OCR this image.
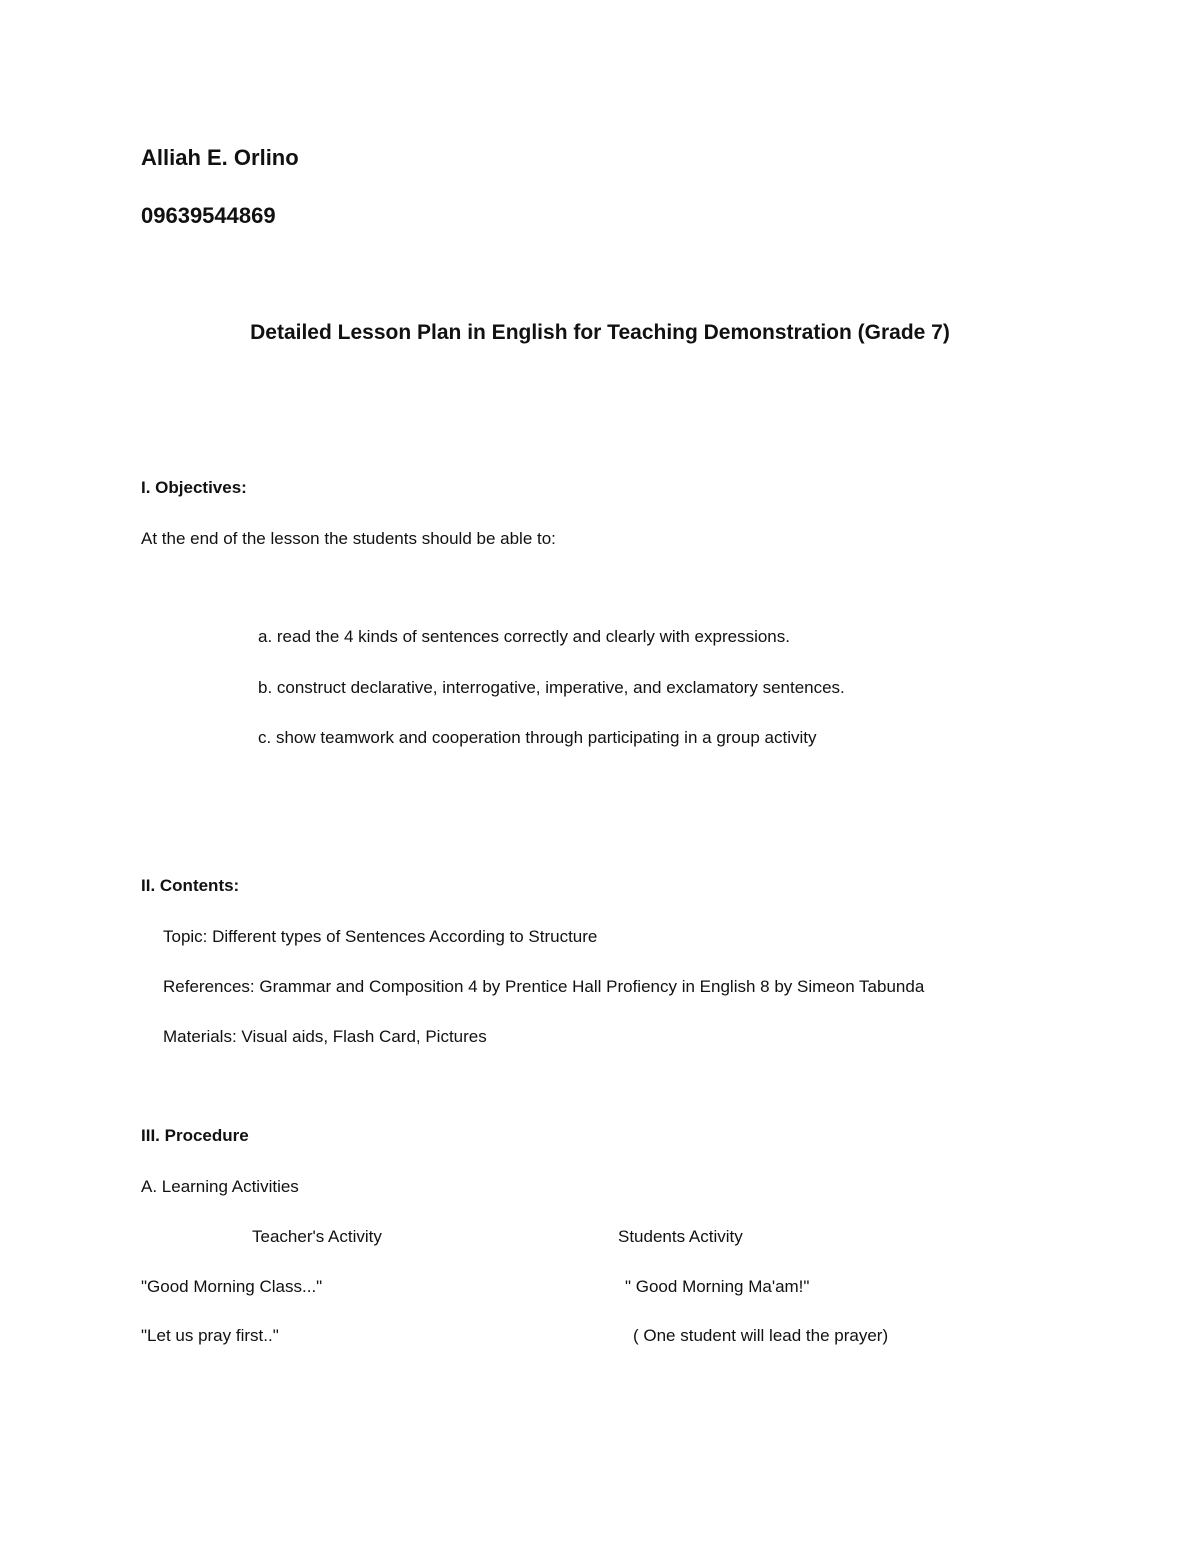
Alliah E. Orlino
09639544869
Detailed Lesson Plan in English for Teaching Demonstration (Grade 7)
I. Objectives:
At the end of the lesson the students should be able to:
a. read the 4 kinds of sentences correctly and clearly with expressions.
b. construct declarative, interrogative, imperative, and exclamatory sentences.
c. show teamwork and cooperation through participating in a group activity
II. Contents:
Topic: Different types of Sentences According to Structure
References: Grammar and Composition 4 by Prentice Hall Profiency in English 8 by Simeon Tabunda
Materials: Visual aids, Flash Card, Pictures
III. Procedure
A. Learning Activities
Teacher's Activity	Students Activity
"Good Morning Class..."	" Good Morning Ma'am!"
"Let us pray first.."	( One student will lead the prayer)
